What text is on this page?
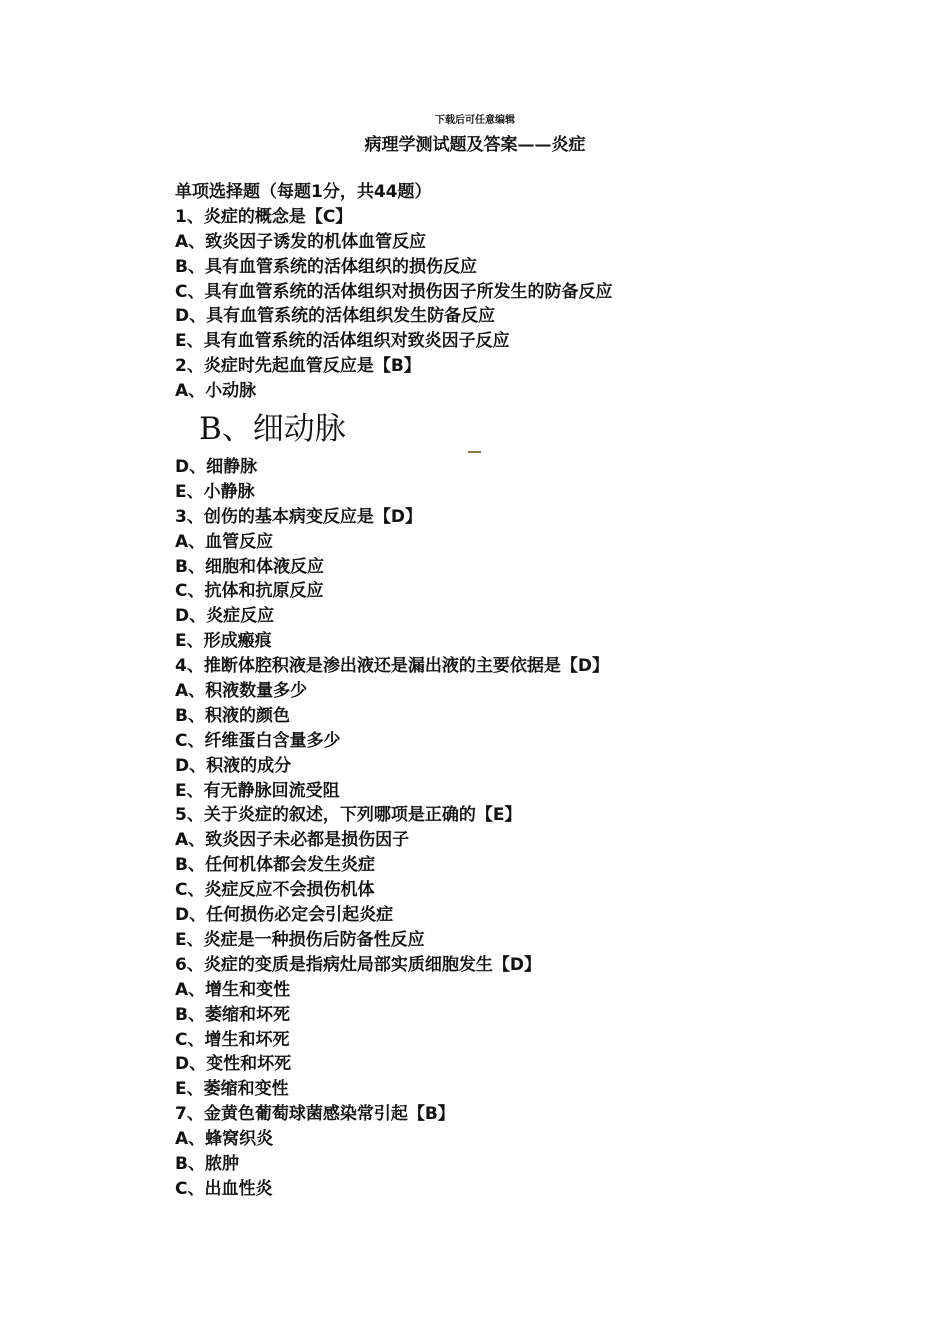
下载后可任意编辑
病理学测试题及答案——炎症
单项选择题（每题1分，共44题）
1、炎症的概念是【C】
A、致炎因子诱发的机体血管反应
B、具有血管系统的活体组织的损伤反应
C、具有血管系统的活体组织对损伤因子所发生的防备反应
D、具有血管系统的活体组织发生防备反应
E、具有血管系统的活体组织对致炎因子反应
2、炎症时先起血管反应是【B】
A、小动脉
B、细动脉
D、细静脉
E、小静脉
3、创伤的基本病变反应是【D】
A、血管反应
B、细胞和体液反应
C、抗体和抗原反应
D、炎症反应
E、形成瘢痕
4、推断体腔积液是渗出液还是漏出液的主要依据是【D】
A、积液数量多少
B、积液的颜色
C、纤维蛋白含量多少
D、积液的成分
E、有无静脉回流受阻
5、关于炎症的叙述，下列哪项是正确的【E】
A、致炎因子未必都是损伤因子
B、任何机体都会发生炎症
C、炎症反应不会损伤机体
D、任何损伤必定会引起炎症
E、炎症是一种损伤后防备性反应
6、炎症的变质是指病灶局部实质细胞发生【D】
A、增生和变性
B、萎缩和坏死
C、增生和坏死
D、变性和坏死
E、萎缩和变性
7、金黄色葡萄球菌感染常引起【B】
A、蜂窝织炎
B、脓肿
C、出血性炎
